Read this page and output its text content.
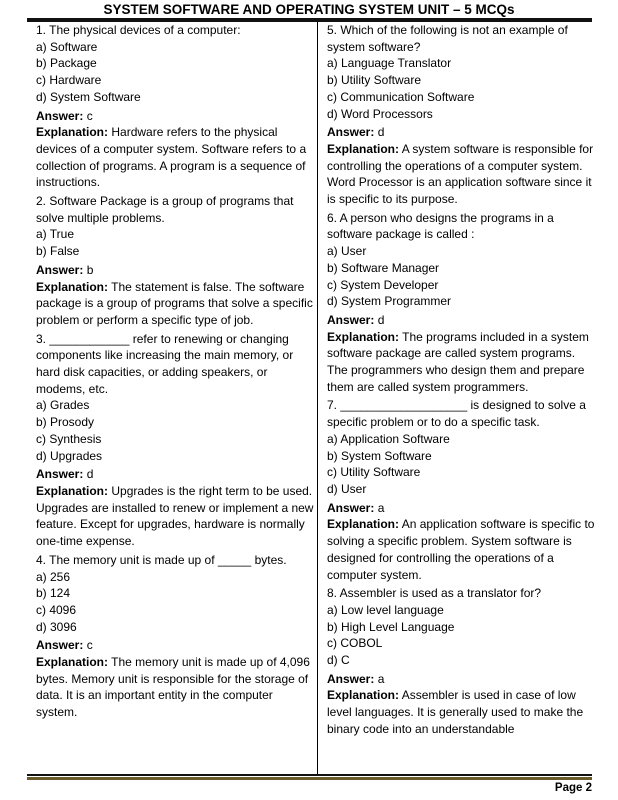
SYSTEM SOFTWARE AND OPERATING SYSTEM UNIT – 5 MCQs
1. The physical devices of a computer:
a) Software
b) Package
c) Hardware
d) System Software
Answer: c
Explanation: Hardware refers to the physical devices of a computer system. Software refers to a collection of programs. A program is a sequence of instructions.
2. Software Package is a group of programs that solve multiple problems.
a) True
b) False
Answer: b
Explanation: The statement is false. The software package is a group of programs that solve a specific problem or perform a specific type of job.
3. ____________ refer to renewing or changing components like increasing the main memory, or hard disk capacities, or adding speakers, or modems, etc.
a) Grades
b) Prosody
c) Synthesis
d) Upgrades
Answer: d
Explanation: Upgrades is the right term to be used. Upgrades are installed to renew or implement a new feature. Except for upgrades, hardware is normally one-time expense.
4. The memory unit is made up of _____ bytes.
a) 256
b) 124
c) 4096
d) 3096
Answer: c
Explanation: The memory unit is made up of 4,096 bytes. Memory unit is responsible for the storage of data. It is an important entity in the computer system.
5. Which of the following is not an example of system software?
a) Language Translator
b) Utility Software
c) Communication Software
d) Word Processors
Answer: d
Explanation: A system software is responsible for controlling the operations of a computer system. Word Processor is an application software since it is specific to its purpose.
6. A person who designs the programs in a software package is called :
a) User
b) Software Manager
c) System Developer
d) System Programmer
Answer: d
Explanation: The programs included in a system software package are called system programs. The programmers who design them and prepare them are called system programmers.
7. ___________________ is designed to solve a specific problem or to do a specific task.
a) Application Software
b) System Software
c) Utility Software
d) User
Answer: a
Explanation: An application software is specific to solving a specific problem. System software is designed for controlling the operations of a computer system.
8. Assembler is used as a translator for?
a) Low level language
b) High Level Language
c) COBOL
d) C
Answer: a
Explanation: Assembler is used in case of low level languages. It is generally used to make the binary code into an understandable
Page 2
